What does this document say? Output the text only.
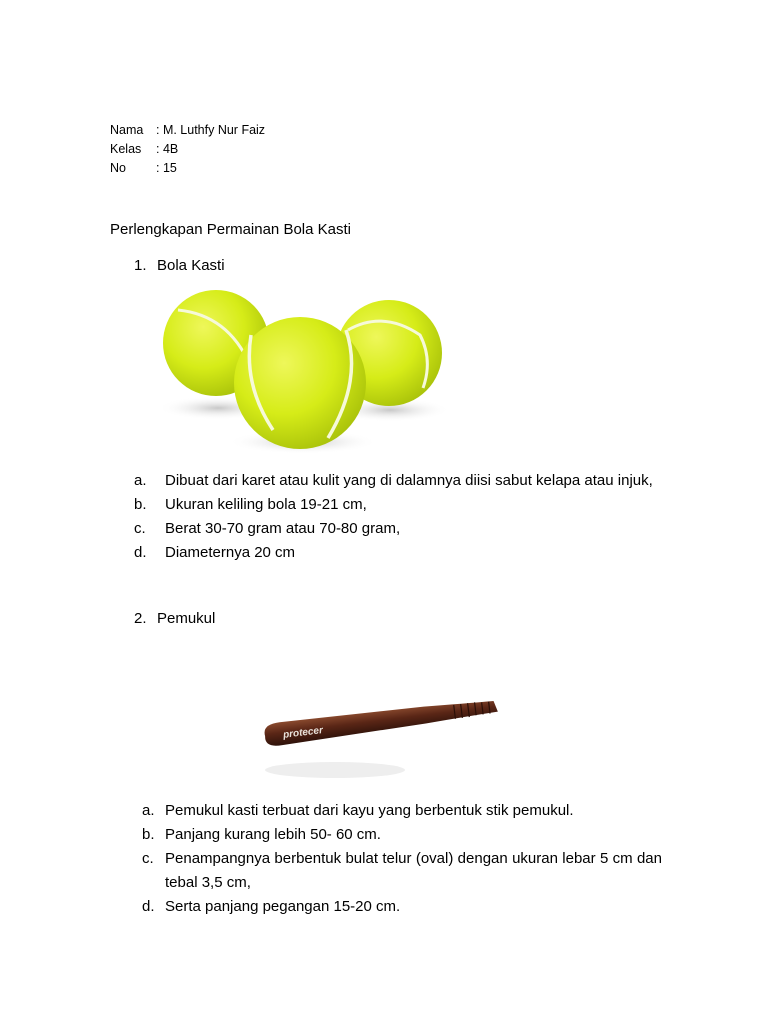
Nama	: M. Luthfy Nur Faiz
Kelas	: 4B
No	: 15
Perlengkapan Permainan Bola Kasti
1. Bola Kasti
a.	Dibuat dari karet atau kulit yang di dalamnya diisi sabut kelapa atau injuk,
b.	Ukuran keliling bola 19-21 cm,
c.	Berat 30-70 gram atau 70-80 gram,
d.	Diameternya 20 cm
2. Pemukul
protecer
a. Pemukul kasti terbuat dari kayu yang berbentuk stik pemukul.
b. Panjang kurang lebih 50- 60 cm.
c. Penampangnya berbentuk bulat telur (oval) dengan ukuran lebar 5 cm dan tebal 3,5 cm,
d. Serta panjang pegangan 15-20 cm.
